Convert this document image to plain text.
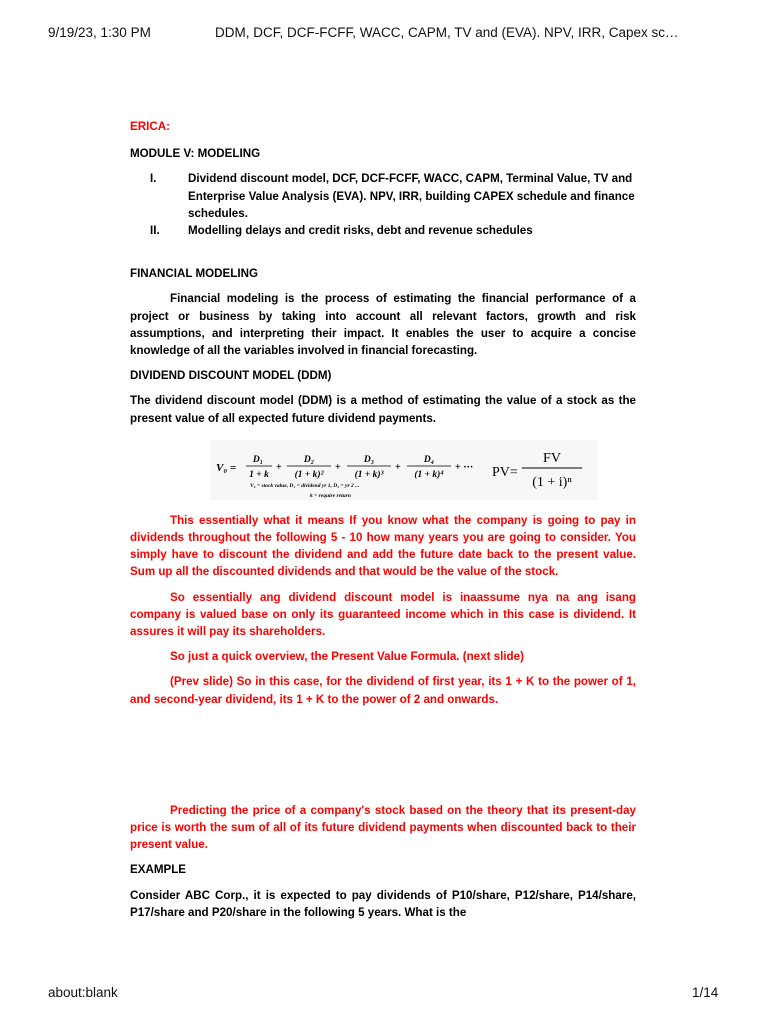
9/19/23, 1:30 PM	DDM, DCF, DCF-FCFF, WACC, CAPM, TV and (EVA). NPV, IRR, Capex sc…

ERICA:

MODULE V: MODELING

I.	Dividend discount model, DCF, DCF-FCFF, WACC, CAPM, Terminal Value, TV and Enterprise Value Analysis (EVA). NPV, IRR, building CAPEX schedule and finance schedules.
II. Modelling delays and credit risks, debt and revenue schedules

FINANCIAL MODELING

Financial modeling is the process of estimating the financial performance of a project or business by taking into account all relevant factors, growth and risk assumptions, and interpreting their impact. It enables the user to acquire a concise knowledge of all the variables involved in financial forecasting.

DIVIDEND DISCOUNT MODEL (DDM)

The dividend discount model (DDM) is a method of estimating the value of a stock as the present value of all expected future dividend payments.

V₀ =
D₁
1 + k
+
D₂
(1 + k)²
+
D₃
(1 + k)³
+
D₄
(1 + k)⁴
+ ···
V₀ = stock value, D₁ = dividend yr 1, D₂ = yr 2 ...
k = require return
PV=
FV
(1 + i)ⁿ

This essentially what it means If you know what the company is going to pay in dividends throughout the following 5 - 10 how many years you are going to consider. You simply have to discount the dividend and add the future date back to the present value. Sum up all the discounted dividends and that would be the value of the stock.

So essentially ang dividend discount model is inaassume nya na ang isang company is valued base on only its guaranteed income which in this case is dividend. It assures it will pay its shareholders.

So just a quick overview, the Present Value Formula. (next slide)

(Prev slide) So in this case, for the dividend of first year, its 1 + K to the power of 1, and second-year dividend, its 1 + K to the power of 2 and onwards.

Predicting the price of a company's stock based on the theory that its present-day price is worth the sum of all of its future dividend payments when discounted back to their present value.

EXAMPLE

Consider ABC Corp., it is expected to pay dividends of P10/share, P12/share, P14/share, P17/share and P20/share in the following 5 years. What is the

about:blank	1/14
